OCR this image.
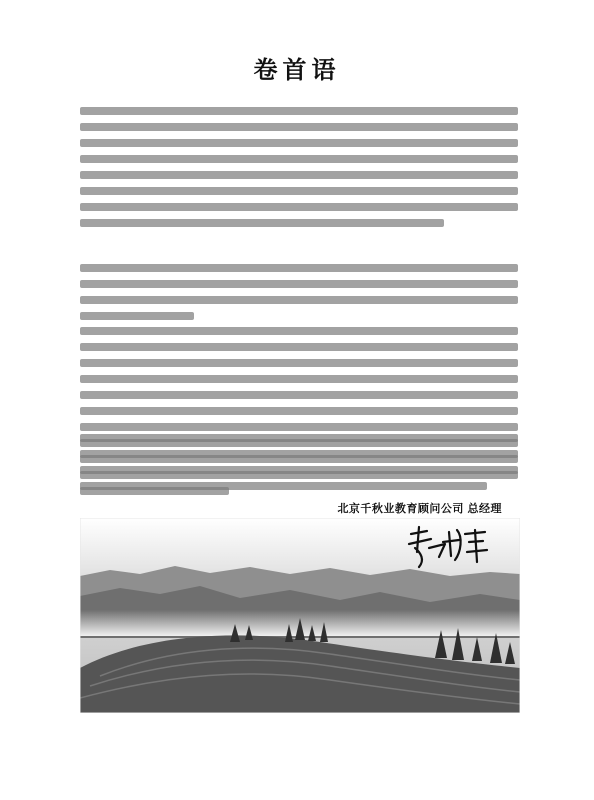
卷首语
北京千秋业教育顾问公司 总经理
